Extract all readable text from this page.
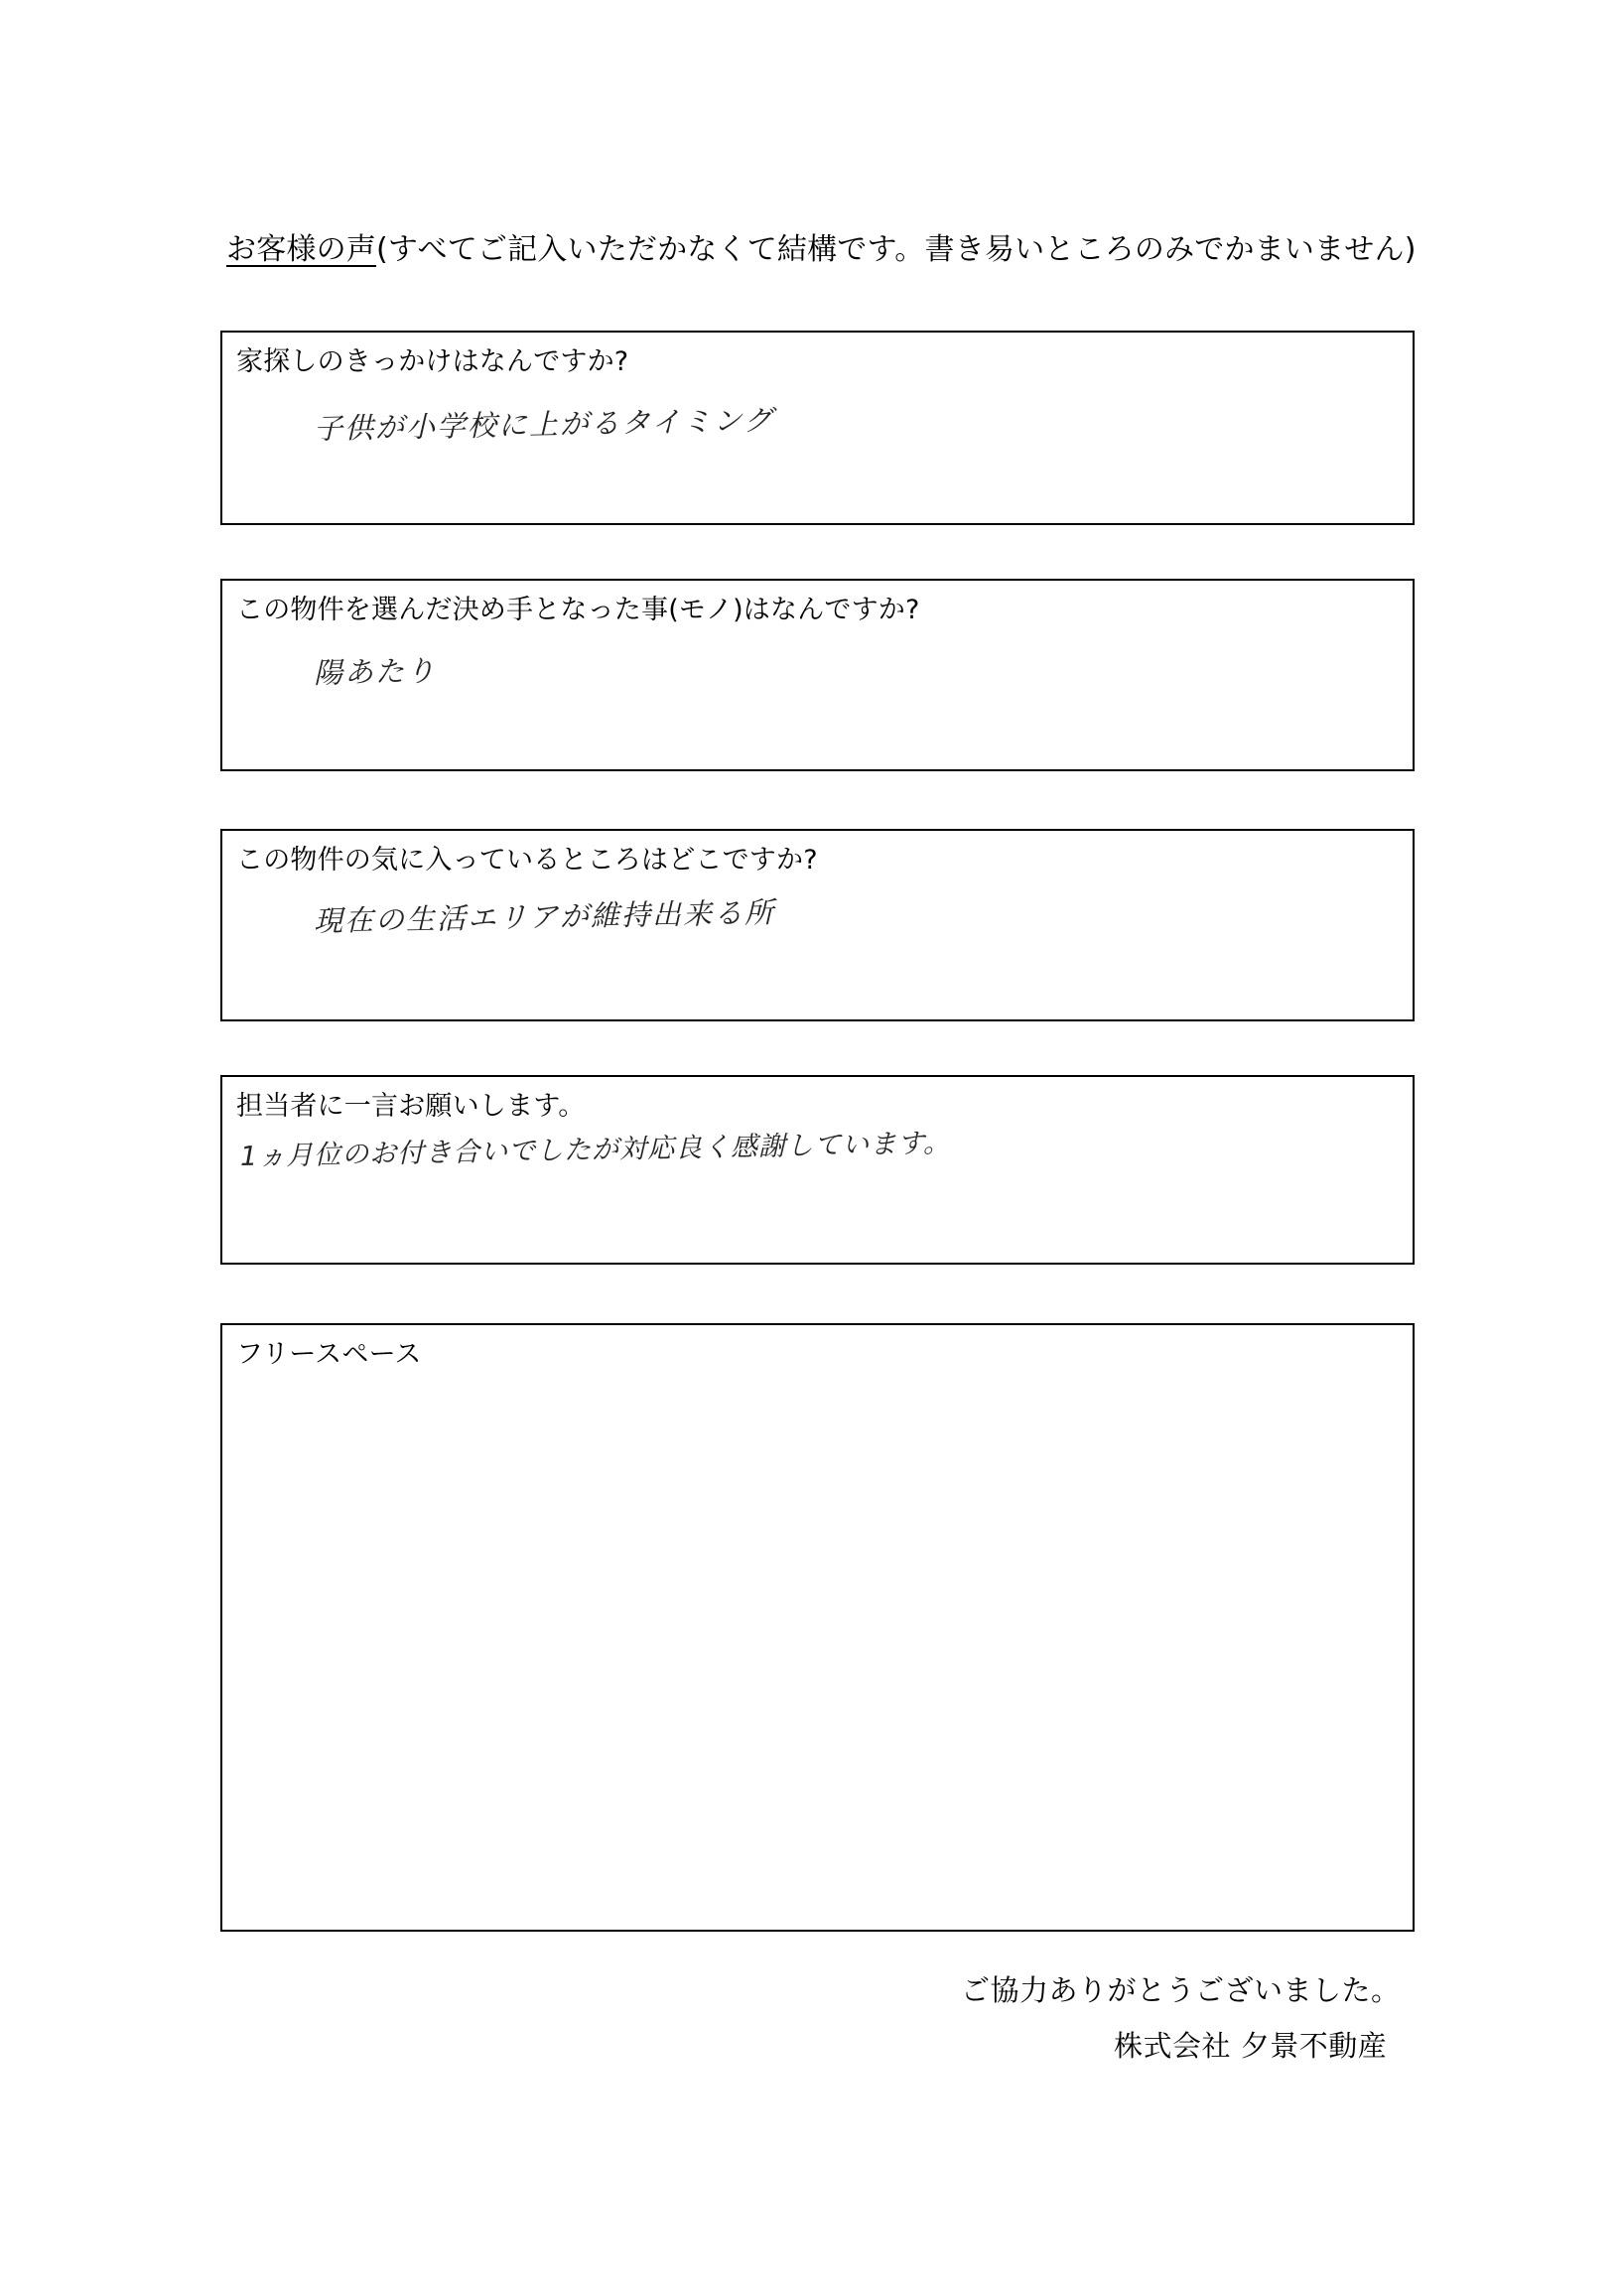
お客様の声(すべてご記入いただかなくて結構です。書き易いところのみでかまいません)
家探しのきっかけはなんですか?
子供が小学校に上がるタイミング
この物件を選んだ決め手となった事(モノ)はなんですか?
陽あたり
この物件の気に入っているところはどこですか?
現在の生活エリアが維持出来る所
担当者に一言お願いします。
1ヵ月位のお付き合いでしたが対応良く感謝しています。
フリースペース
ご協力ありがとうございました。
株式会社 夕景不動産
